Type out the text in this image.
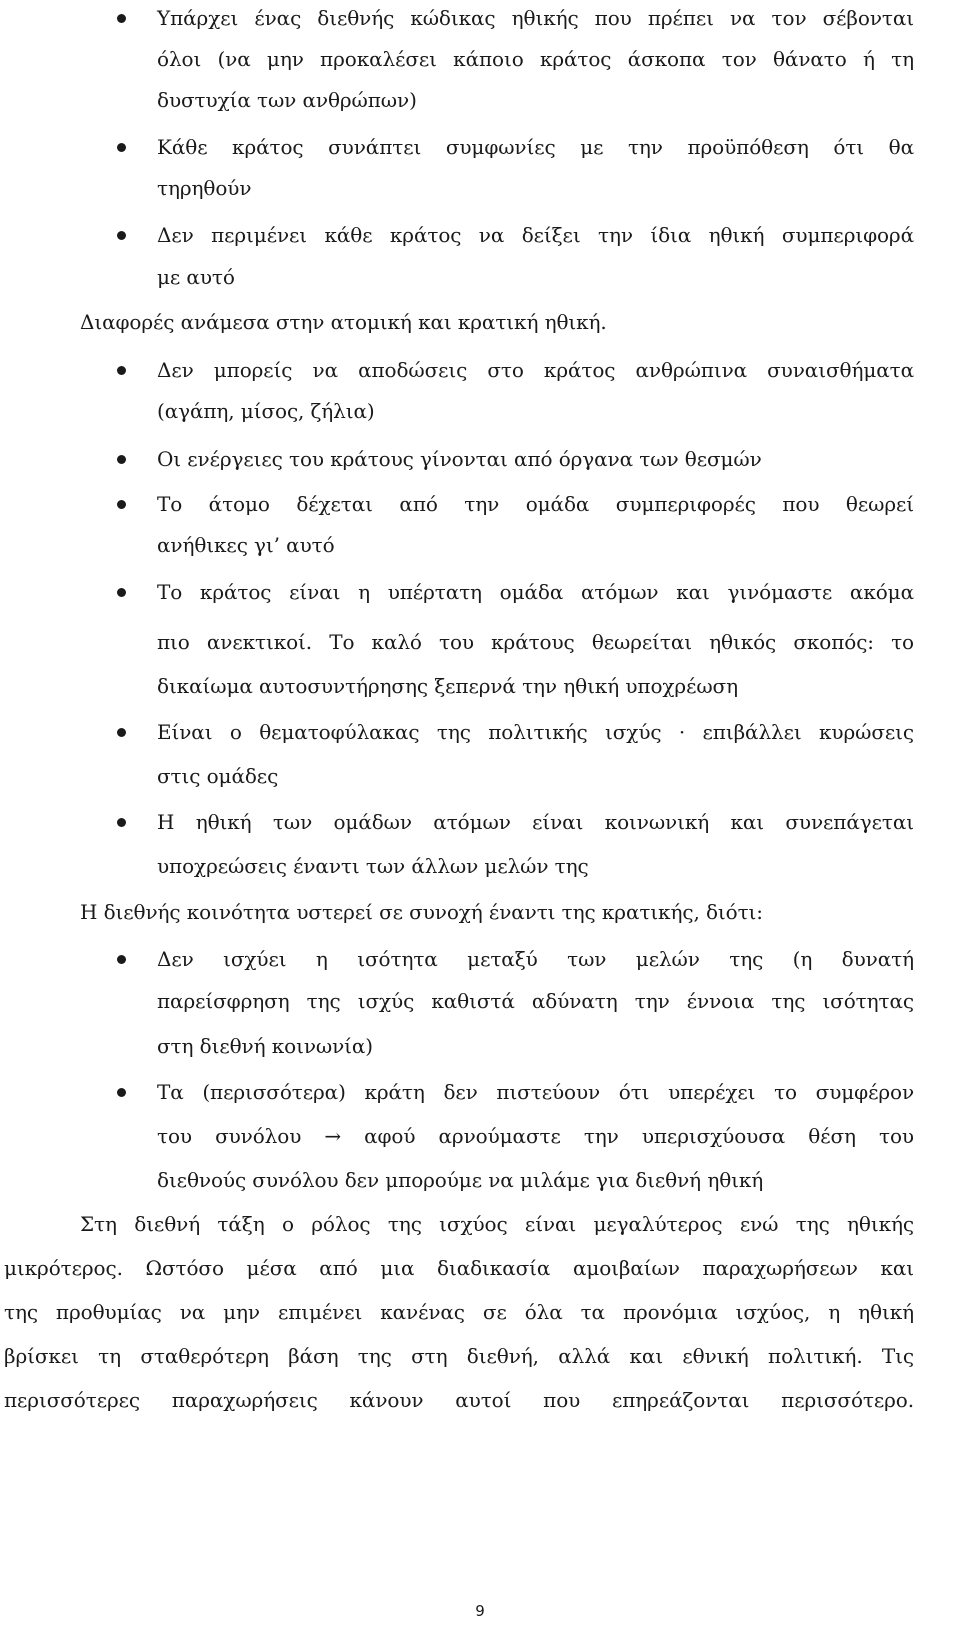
Υπάρχει ένας διεθνής κώδικας ηθικής που πρέπει να τον σέβονται
όλοι (να μην προκαλέσει κάποιο κράτος άσκοπα τον θάνατο ή τη
δυστυχία των ανθρώπων)
Κάθε κράτος συνάπτει συμφωνίες με την προϋπόθεση ότι θα
τηρηθούν
Δεν περιμένει κάθε κράτος να δείξει την ίδια ηθική συμπεριφορά
με αυτό
Διαφορές ανάμεσα στην ατομική και κρατική ηθική.
Δεν μπορείς να αποδώσεις στο κράτος ανθρώπινα συναισθήματα
(αγάπη, μίσος, ζήλια)
Οι ενέργειες του κράτους γίνονται από όργανα των θεσμών
Το άτομο δέχεται από την ομάδα συμπεριφορές που θεωρεί
ανήθικες γι’ αυτό
Το κράτος είναι η υπέρτατη ομάδα ατόμων και γινόμαστε ακόμα
πιο ανεκτικοί. Το καλό του κράτους θεωρείται ηθικός σκοπός: το
δικαίωμα αυτοσυντήρησης ξεπερνά την ηθική υποχρέωση
Είναι ο θεματοφύλακας της πολιτικής ισχύς · επιβάλλει κυρώσεις
στις ομάδες
Η ηθική των ομάδων ατόμων είναι κοινωνική και συνεπάγεται
υποχρεώσεις έναντι των άλλων μελών της
Η διεθνής κοινότητα υστερεί σε συνοχή έναντι της κρατικής, διότι:
Δεν ισχύει η ισότητα μεταξύ των μελών της (η δυνατή
παρείσφρηση της ισχύς καθιστά αδύνατη την έννοια της ισότητας
στη διεθνή κοινωνία)
Τα (περισσότερα) κράτη δεν πιστεύουν ότι υπερέχει το συμφέρον
του συνόλου → αφού αρνούμαστε την υπερισχύουσα θέση του
διεθνούς συνόλου δεν μπορούμε να μιλάμε για διεθνή ηθική
Στη διεθνή τάξη ο ρόλος της ισχύος είναι μεγαλύτερος ενώ της ηθικής
μικρότερος. Ωστόσο μέσα από μια διαδικασία αμοιβαίων παραχωρήσεων και
της προθυμίας να μην επιμένει κανένας σε όλα τα προνόμια ισχύος, η ηθική
βρίσκει τη σταθερότερη βάση της στη διεθνή, αλλά και εθνική πολιτική. Τις
περισσότερες παραχωρήσεις κάνουν αυτοί που επηρεάζονται περισσότερο.
9
